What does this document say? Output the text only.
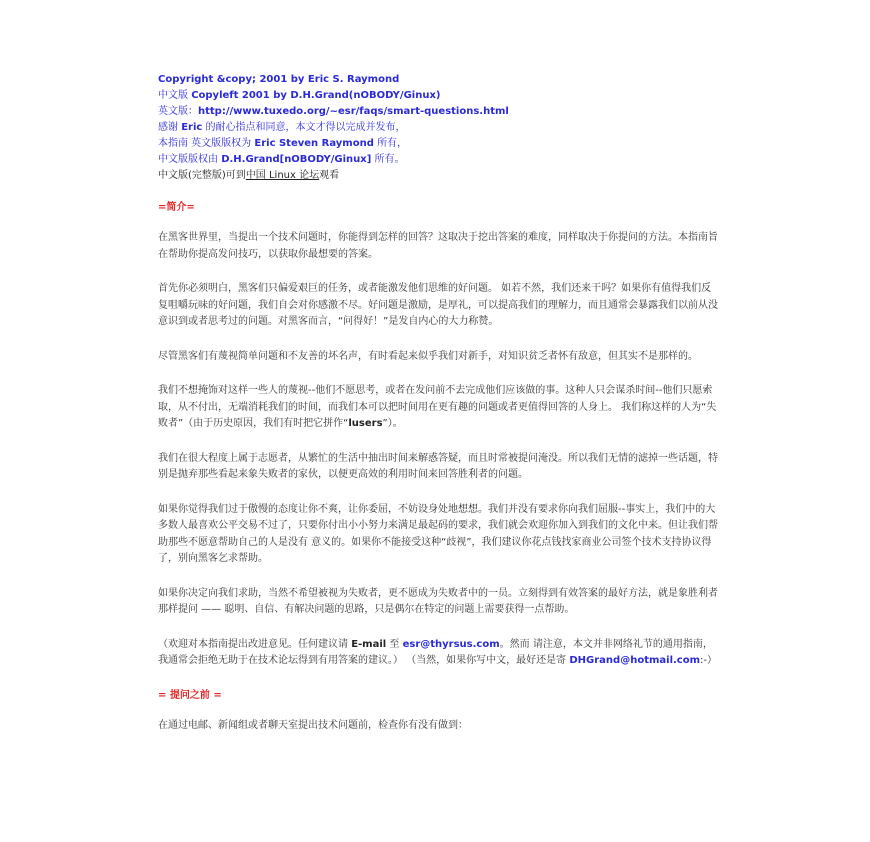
Copyright &copy; 2001 by Eric S. Raymond
中文版 Copyleft 2001 by D.H.Grand(nOBODY/Ginux)
英文版：http://www.tuxedo.org/~esr/faqs/smart-questions.html
感谢 Eric 的耐心指点和同意，本文才得以完成并发布，
本指南 英文版版权为 Eric Steven Raymond 所有，
中文版版权由 D.H.Grand[nOBODY/Ginux] 所有。
中文版(完整版)可到中国 Linux 论坛观看
=简介=

在黑客世界里，当提出一个技术问题时，你能得到怎样的回答？这取决于挖出答案的难度，同样取决于你提问的方法。本指南旨在帮助你提高发问技巧，以获取你最想要的答案。

首先你必须明白，黑客们只偏爱艰巨的任务，或者能激发他们思维的好问题。 如若不然，我们还来干吗？如果你有值得我们反复咀嚼玩味的好问题，我们自会对你感激不尽。好问题是激励，是厚礼，可以提高我们的理解力，而且通常会暴露我们以前从没意识到或者思考过的问题。对黑客而言，“问得好！”是发自内心的大力称赞。

尽管黑客们有蔑视简单问题和不友善的坏名声，有时看起来似乎我们对新手，对知识贫乏者怀有敌意，但其实不是那样的。

我们不想掩饰对这样一些人的蔑视--他们不愿思考，或者在发问前不去完成他们应该做的事。这种人只会谋杀时间--他们只愿索取，从不付出，无端消耗我们的时间，而我们本可以把时间用在更有趣的问题或者更值得回答的人身上。 我们称这样的人为“失败者”（由于历史原因，我们有时把它拼作“lusers”）。

我们在很大程度上属于志愿者，从繁忙的生活中抽出时间来解惑答疑，而且时常被提问淹没。所以我们无情的滤掉一些话题，特别是抛弃那些看起来象失败者的家伙，以便更高效的利用时间来回答胜利者的问题。

如果你觉得我们过于傲慢的态度让你不爽，让你委屈，不妨设身处地想想。我们并没有要求你向我们屈服--事实上，我们中的大多数人最喜欢公平交易不过了，只要你付出小小努力来满足最起码的要求，我们就会欢迎你加入到我们的文化中来。但让我们帮助那些不愿意帮助自己的人是没有 意义的。如果你不能接受这种“歧视”，我们建议你花点钱找家商业公司签个技术支持协议得了，别向黑客乞求帮助。

如果你决定向我们求助，当然不希望被视为失败者，更不愿成为失败者中的一员。立刻得到有效答案的最好方法，就是象胜利者那样提问 —— 聪明、自信、有解决问题的思路，只是偶尔在特定的问题上需要获得一点帮助。

（欢迎对本指南提出改进意见。任何建议请 E-mail 至 esr@thyrsus.com。然而 请注意，本文并非网络礼节的通用指南，我通常会拒绝无助于在技术论坛得到有用答案的建议。） （当然，如果你写中文，最好还是寄 DHGrand@hotmail.com:-）

= 提问之前 =

在通过电邮、新闻组或者聊天室提出技术问题前，检查你有没有做到：
